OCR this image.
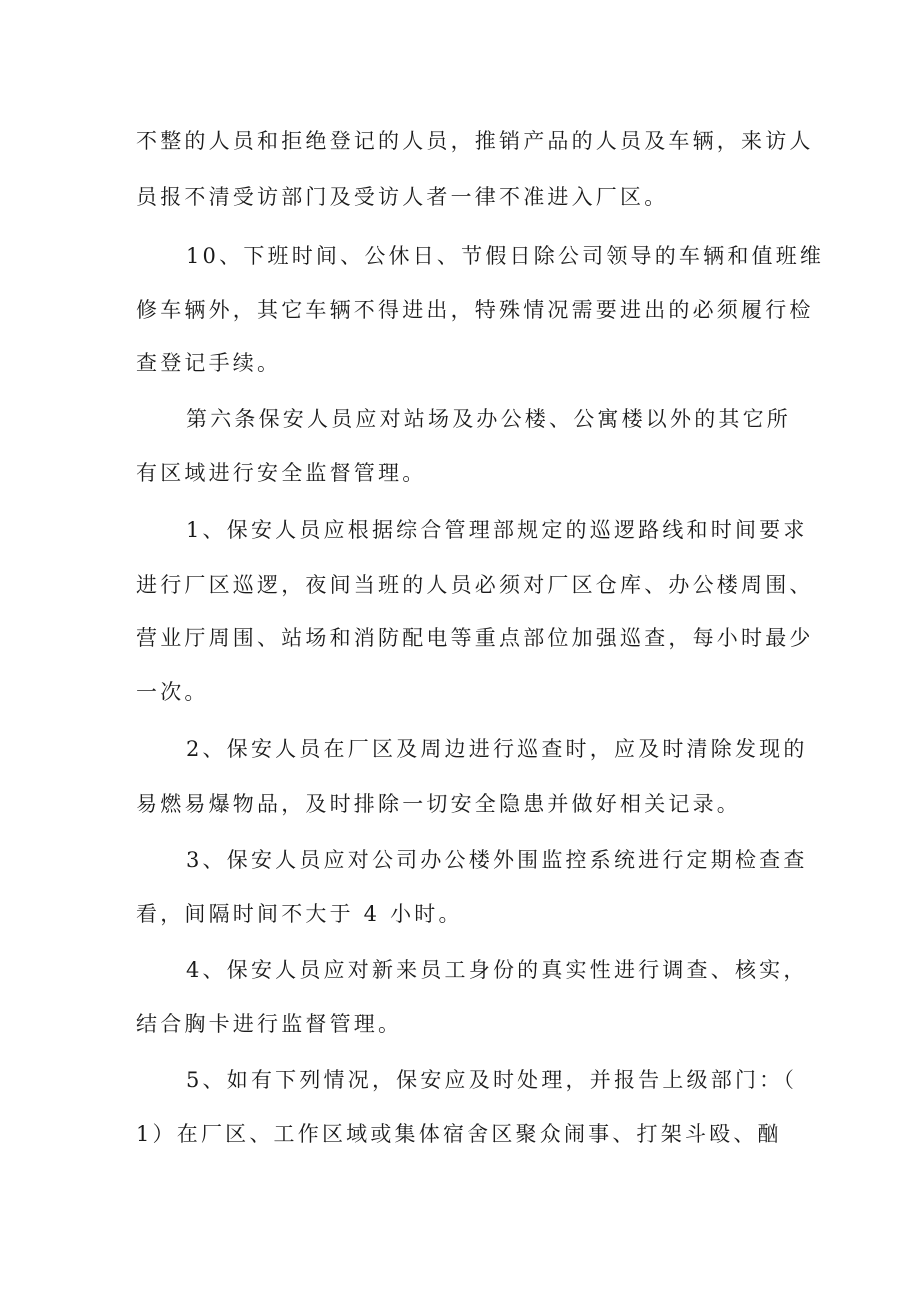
不整的人员和拒绝登记的人员，推销产品的人员及车辆，来访人

员报不清受访部门及受访人者一律不准进入厂区。

10、下班时间、公休日、节假日除公司领导的车辆和值班维

修车辆外，其它车辆不得进出，特殊情况需要进出的必须履行检

查登记手续。

第六条保安人员应对站场及办公楼、公寓楼以外的其它所

有区域进行安全监督管理。

1、保安人员应根据综合管理部规定的巡逻路线和时间要求

进行厂区巡逻，夜间当班的人员必须对厂区仓库、办公楼周围、

营业厅周围、站场和消防配电等重点部位加强巡查，每小时最少

一次。

2、保安人员在厂区及周边进行巡查时，应及时清除发现的

易燃易爆物品，及时排除一切安全隐患并做好相关记录。

3、保安人员应对公司办公楼外围监控系统进行定期检查查

看，间隔时间不大于 4 小时。

4、保安人员应对新来员工身份的真实性进行调查、核实，

结合胸卡进行监督管理。

5、如有下列情况，保安应及时处理，并报告上级部门：（

1）在厂区、工作区域或集体宿舍区聚众闹事、打架斗殴、酗
